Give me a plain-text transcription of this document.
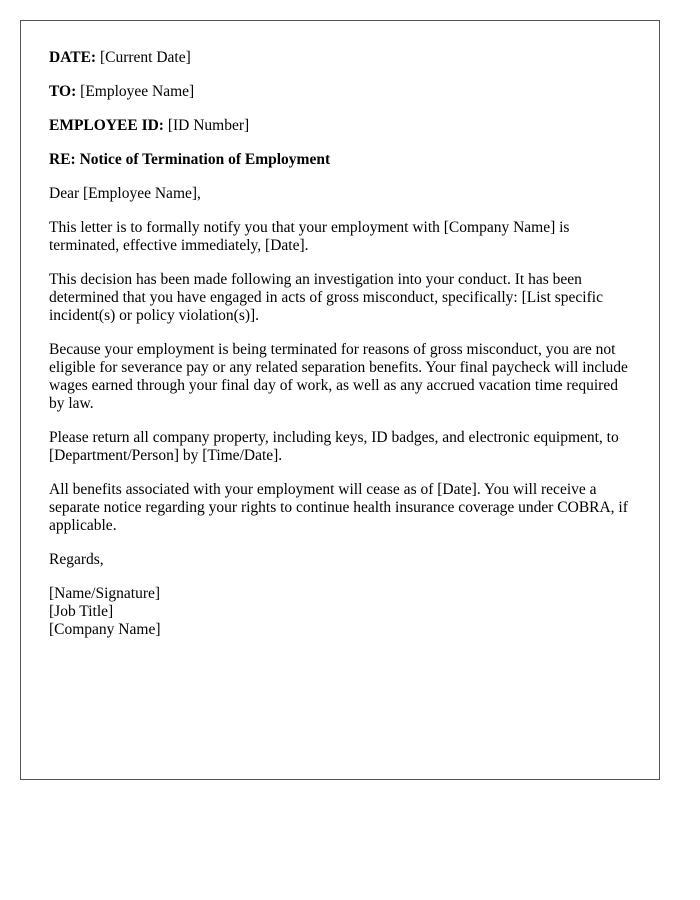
DATE: [Current Date]
TO: [Employee Name]
EMPLOYEE ID: [ID Number]
RE: Notice of Termination of Employment

Dear [Employee Name],

This letter is to formally notify you that your employment with [Company Name] is terminated, effective immediately, [Date].

This decision has been made following an investigation into your conduct. It has been determined that you have engaged in acts of gross misconduct, specifically: [List specific incident(s) or policy violation(s)].

Because your employment is being terminated for reasons of gross misconduct, you are not eligible for severance pay or any related separation benefits. Your final paycheck will include wages earned through your final day of work, as well as any accrued vacation time required by law.

Please return all company property, including keys, ID badges, and electronic equipment, to [Department/Person] by [Time/Date].

All benefits associated with your employment will cease as of [Date]. You will receive a separate notice regarding your rights to continue health insurance coverage under COBRA, if applicable.

Regards,

[Name/Signature]
[Job Title]
[Company Name]
